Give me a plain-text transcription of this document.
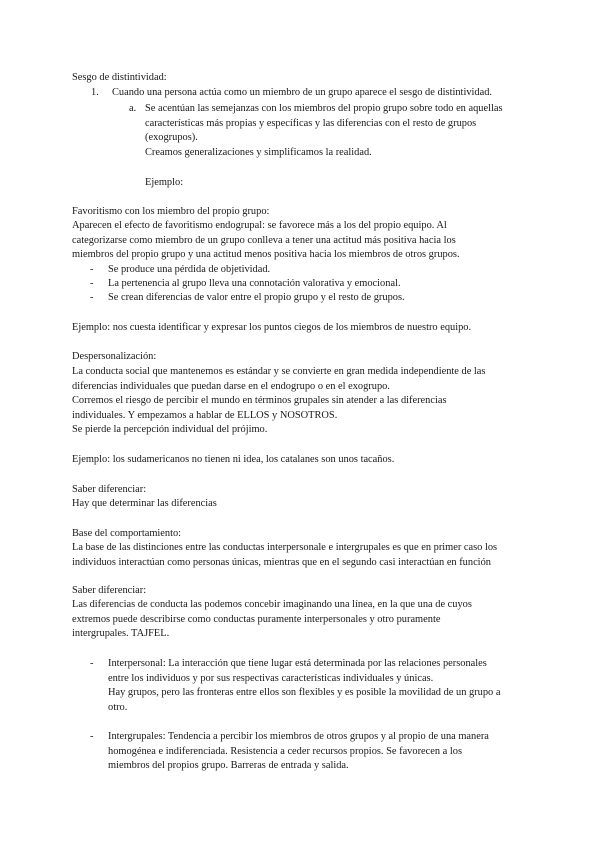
Sesgo de distintividad:
1. Cuando una persona actúa como un miembro de un grupo aparece el sesgo de distintividad.
a. Se acentúan las semejanzas con los miembros del propio grupo sobre todo en aquellas
características más propias y específicas y las diferencias con el resto de grupos
(exogrupos).
Creamos generalizaciones y simplificamos la realidad.
Ejemplo:
Favoritismo con los miembro del propio grupo:
Aparecen el efecto de favoritismo endogrupal: se favorece más a los del propio equipo. Al
categorizarse como miembro de un grupo conlleva a tener una actitud más positiva hacia los
miembros del propio grupo y una actitud menos positiva hacia los miembros de otros grupos.
- Se produce una pérdida de objetividad.
- La pertenencia al grupo lleva una connotación valorativa y emocional.
- Se crean diferencias de valor entre el propio grupo y el resto de grupos.
Ejemplo: nos cuesta identificar y expresar los puntos ciegos de los miembros de nuestro equipo.
Despersonalización:
La conducta social que mantenemos es estándar y se convierte en gran medida independiente de las
diferencias individuales que puedan darse en el endogrupo o en el exogrupo.
Corremos el riesgo de percibir el mundo en términos grupales sin atender a las diferencias
individuales. Y empezamos a hablar de ELLOS y NOSOTROS.
Se pierde la percepción individual del prójimo.
Ejemplo: los sudamericanos no tienen ni idea, los catalanes son unos tacaños.
Saber diferenciar:
Hay que determinar las diferencias
Base del comportamiento:
La base de las distinciones entre las conductas interpersonale e intergrupales es que en primer caso los
individuos interactúan como personas únicas, mientras que en el segundo casi interactúan en función
Saber diferenciar:
Las diferencias de conducta las podemos concebir imaginando una línea, en la que una de cuyos
extremos puede describirse como conductas puramente interpersonales y otro puramente
intergrupales. TAJFEL.
- Interpersonal: La interacción que tiene lugar está determinada por las relaciones personales
entre los individuos y por sus respectivas características individuales y únicas.
Hay grupos, pero las fronteras entre ellos son flexibles y es posible la movilidad de un grupo a
otro.
- Intergrupales: Tendencia a percibir los miembros de otros grupos y al propio de una manera
homogénea e indiferenciada. Resistencia a ceder recursos propios. Se favorecen a los
miembros del propios grupo. Barreras de entrada y salida.
